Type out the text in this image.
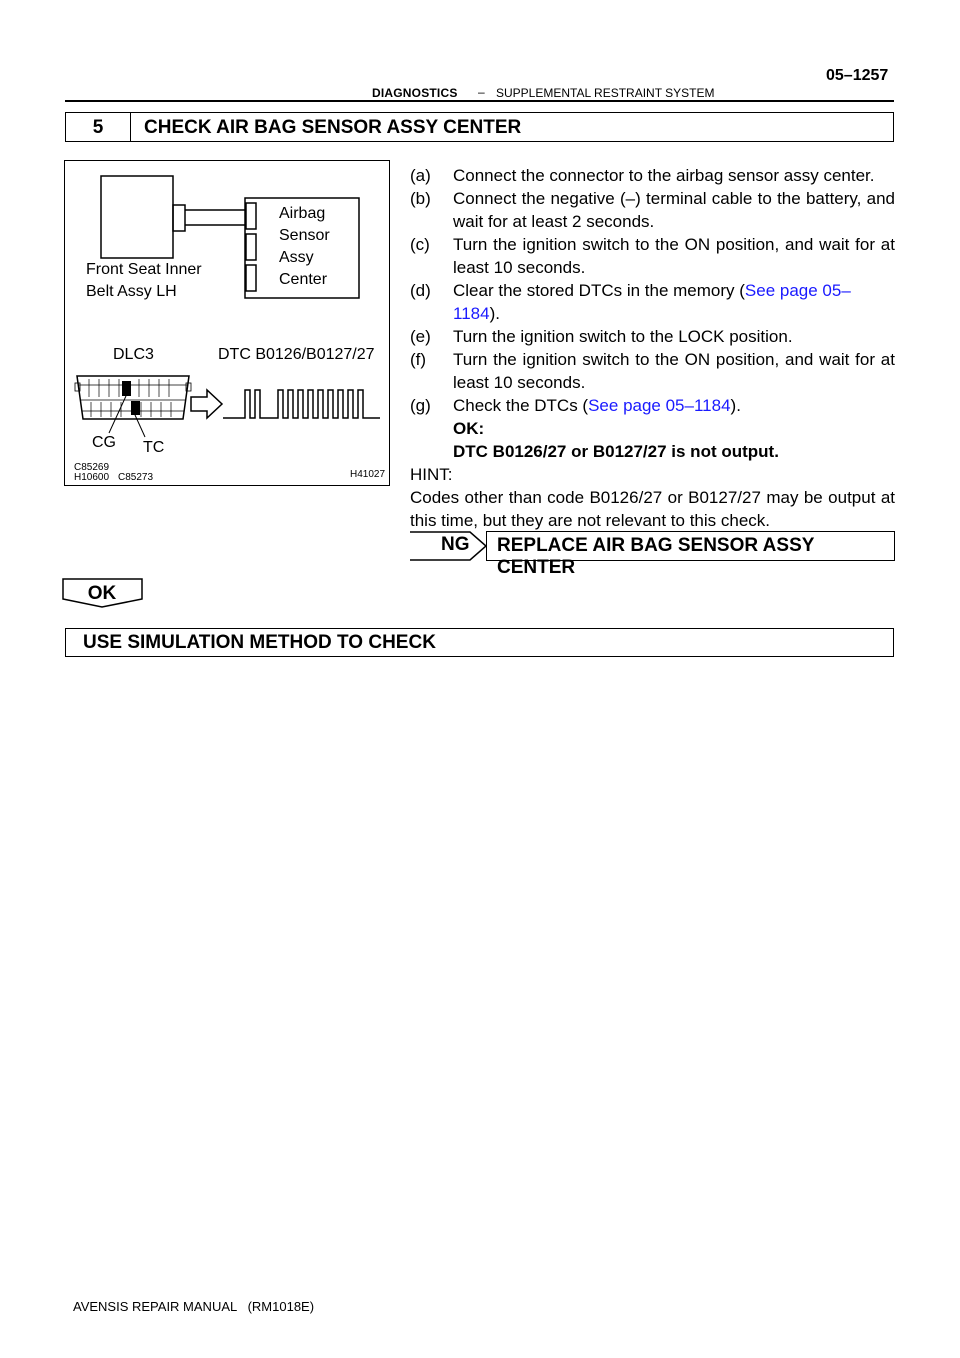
DIAGNOSTICS – SUPPLEMENTAL RESTRAINT SYSTEM
05–1257
5	CHECK AIR BAG SENSOR ASSY CENTER
Airbag
Sensor
Assy
Center
Front Seat Inner
Belt Assy LH
DLC3	DTC B0126/B0127/27
CG TC
C85269
H10600 C85273	H41027
(a) Connect the connector to the airbag sensor assy center.
(b) Connect the negative (–) terminal cable to the battery, and wait for at least 2 seconds.
(c) Turn the ignition switch to the ON position, and wait for at least 10 seconds.
(d) Clear the stored DTCs in the memory (See page 05–1184).
(e) Turn the ignition switch to the LOCK position.
(f) Turn the ignition switch to the ON position, and wait for at least 10 seconds.
(g) Check the DTCs (See page 05–1184).
OK:
DTC B0126/27 or B0127/27 is not output.
HINT:
Codes other than code B0126/27 or B0127/27 may be output at this time, but they are not relevant to this check.
NG REPLACE AIR BAG SENSOR ASSY CENTER
OK
USE SIMULATION METHOD TO CHECK
AVENSIS REPAIR MANUAL   (RM1018E)
